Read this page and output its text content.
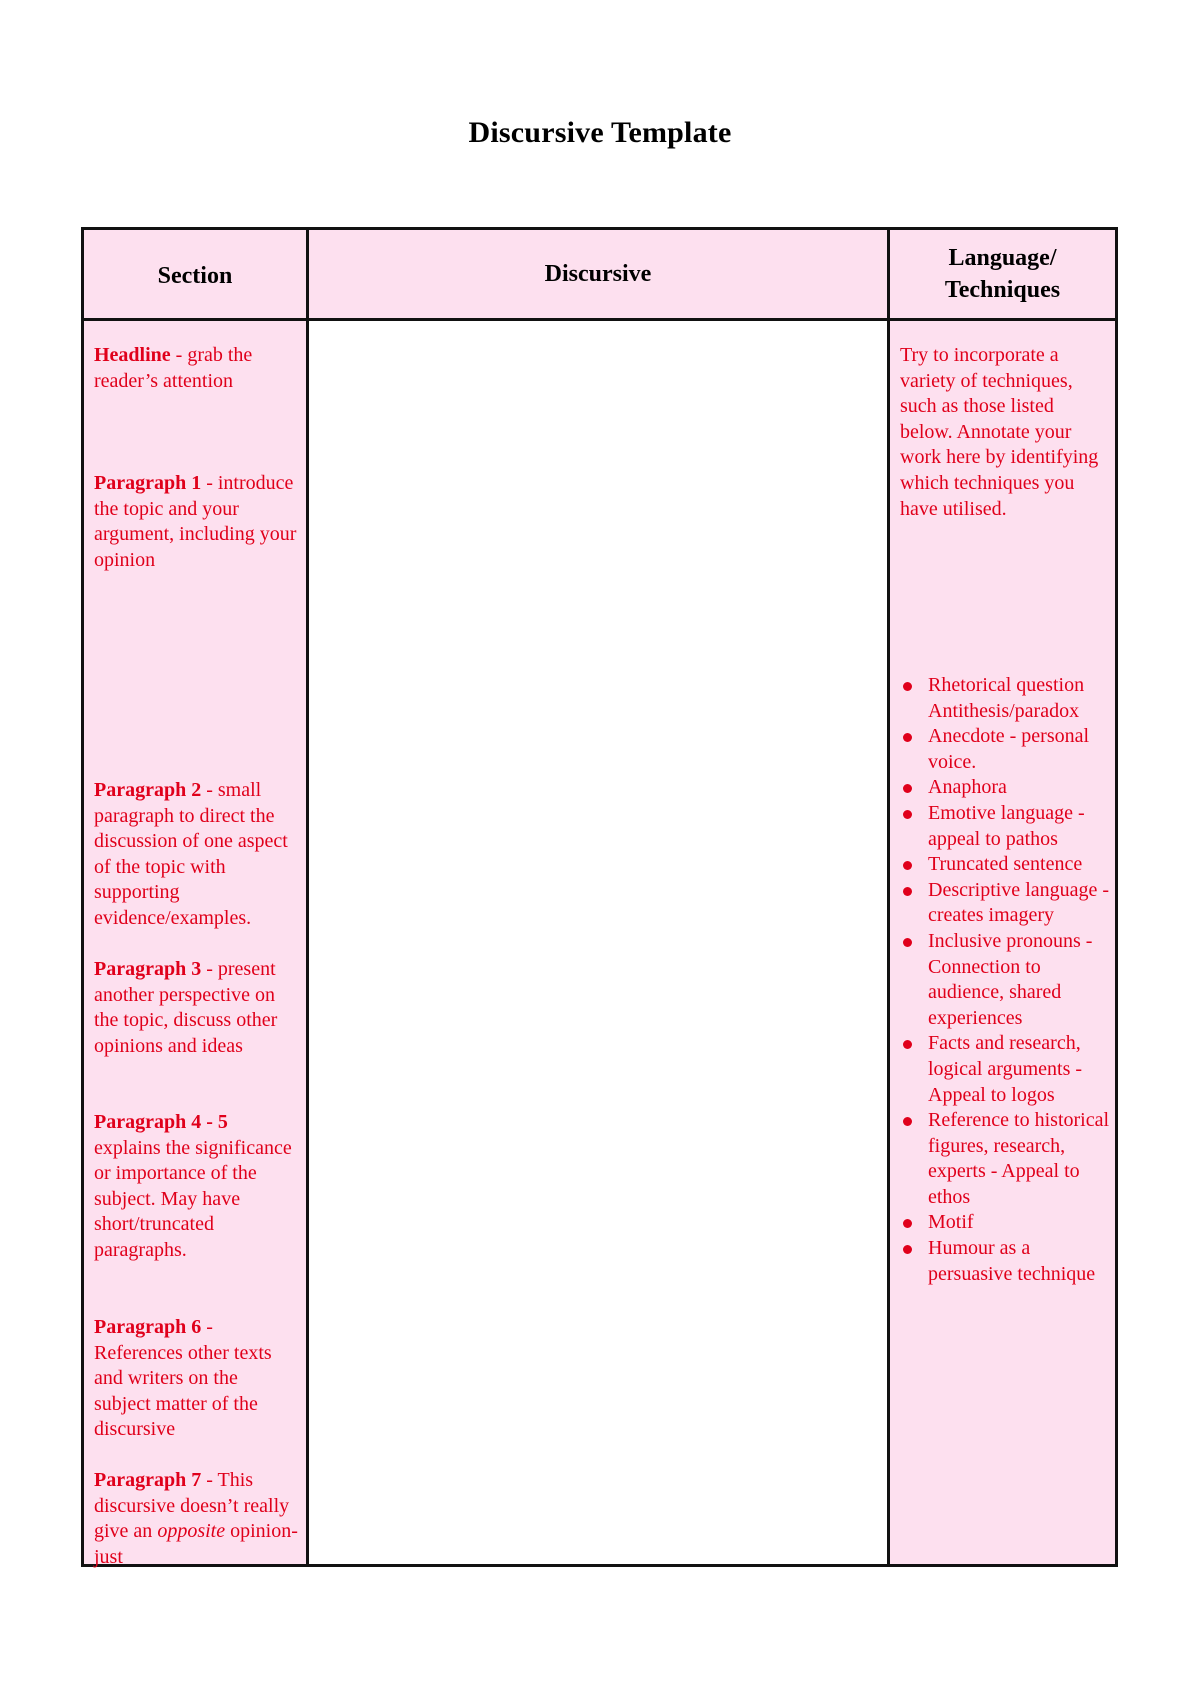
Discursive Template
Section	Discursive
Language/
Techniques
Headline - grab the reader’s attention
Paragraph 1 - introduce the topic and your argument, including your opinion
Paragraph 2 - small paragraph to direct the discussion of one aspect of the topic with supporting evidence/examples.
Paragraph 3 - present another perspective on the topic, discuss other opinions and ideas
Paragraph 4 - 5 explains the significance or importance of the subject. May have short/truncated paragraphs.
Paragraph 6 - References other texts and writers on the subject matter of the discursive
Paragraph 7 - This discursive doesn’t really give an opposite opinion- just
Try to incorporate a variety of techniques, such as those listed below. Annotate your work here by identifying which techniques you have utilised.
Rhetorical question
Antithesis/paradox
Anecdote - personal voice.
Anaphora
Emotive language - appeal to pathos
Truncated sentence
Descriptive language - creates imagery
Inclusive pronouns - Connection to audience, shared experiences
Facts and research, logical arguments - Appeal to logos
Reference to historical figures, research, experts - Appeal to ethos
Motif
Humour as a persuasive technique
